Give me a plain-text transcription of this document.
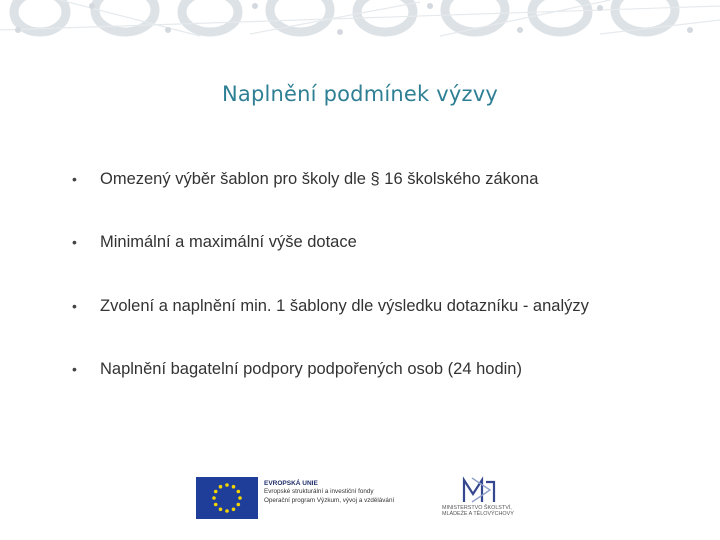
Naplnění podmínek výzvy
• Omezený výběr šablon pro školy dle § 16 školského zákona
• Minimální a maximální výše dotace
• Zvolení a naplnění min. 1 šablony dle výsledku dotazníku - analýzy
• Naplnění bagatelní podpory podpořených osob (24 hodin)
EVROPSKÁ UNIE
Evropské strukturální a investiční fondy
Operační program Výzkum, vývoj a vzdělávání
MINISTERSTVO ŠKOLSTVÍ,
MLÁDEŽE A TĚLOVÝCHOVY
